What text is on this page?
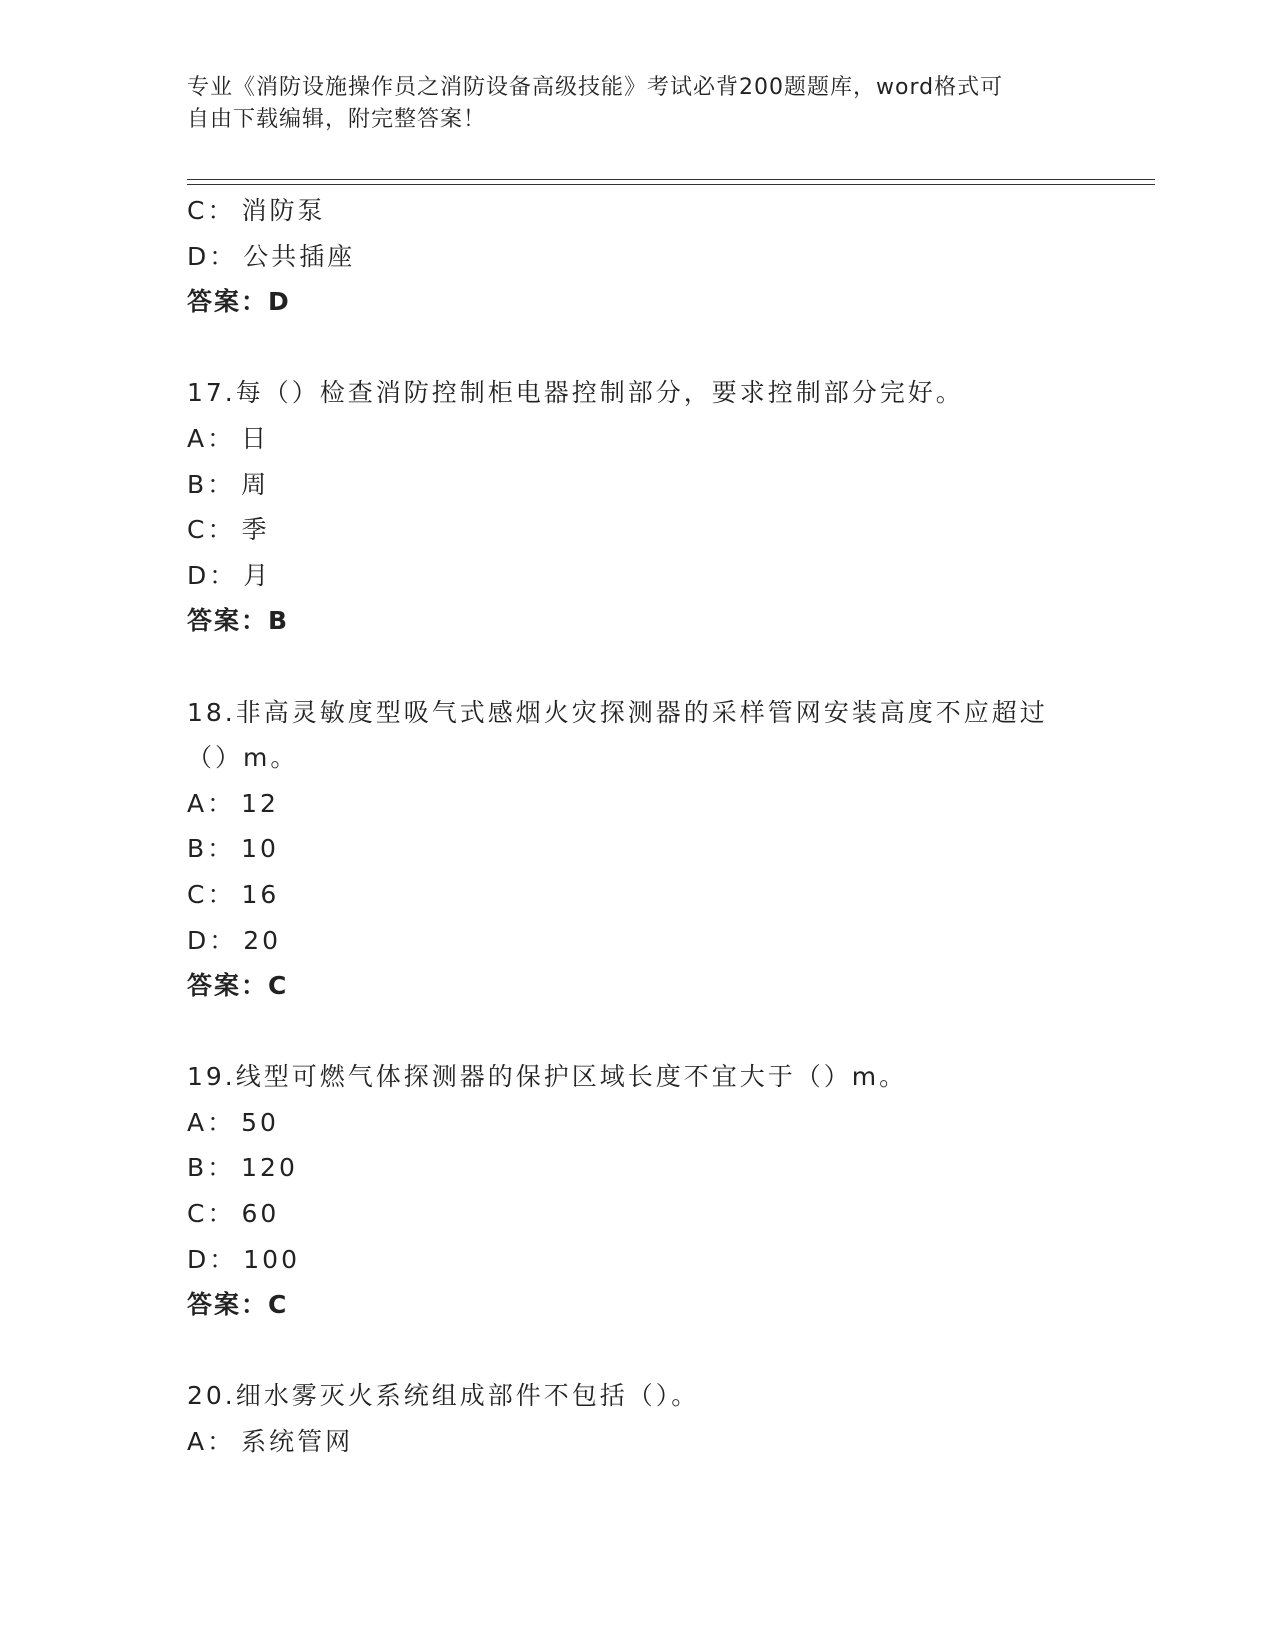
专业《消防设施操作员之消防设备高级技能》考试必背200题题库，word格式可
自由下载编辑，附完整答案！
C： 消防泵
D： 公共插座
答案：D
17.每（）检查消防控制柜电器控制部分，要求控制部分完好。
A： 日
B： 周
C： 季
D： 月
答案：B
18.非高灵敏度型吸气式感烟火灾探测器的采样管网安装高度不应超过
（）m。
A： 12
B： 10
C： 16
D： 20
答案：C
19.线型可燃气体探测器的保护区域长度不宜大于（）m。
A： 50
B： 120
C： 60
D： 100
答案：C
20.细水雾灭火系统组成部件不包括（）。
A： 系统管网
